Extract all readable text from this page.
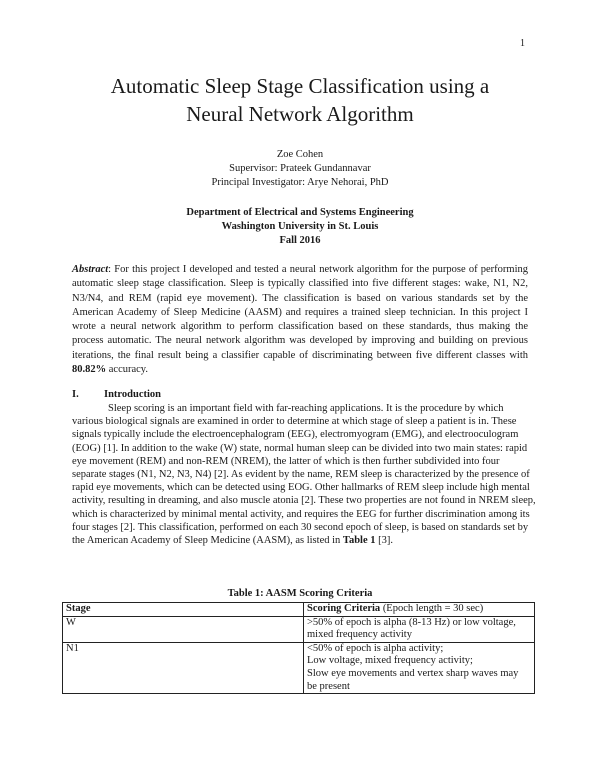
1
Automatic Sleep Stage Classification using a
Neural Network Algorithm
Zoe Cohen
Supervisor: Prateek Gundannavar
Principal Investigator: Arye Nehorai, PhD
Department of Electrical and Systems Engineering
Washington University in St. Louis
Fall 2016

Abstract: For this project I developed and tested a neural network algorithm for the purpose of performing automatic sleep stage classification. Sleep is typically classified into five different stages: wake, N1, N2, N3/N4, and REM (rapid eye movement). The classification is based on various standards set by the American Academy of Sleep Medicine (AASM) and requires a trained sleep technician. In this project I wrote a neural network algorithm to perform classification based on these standards, thus making the process automatic. The neural network algorithm was developed by improving and building on previous iterations, the final result being a classifier capable of discriminating between five different classes with 80.82% accuracy.

I. Introduction

Sleep scoring is an important field with far-reaching applications. It is the procedure by which various biological signals are examined in order to determine at which stage of sleep a patient is in. These signals typically include the electroencephalogram (EEG), electromyogram (EMG), and electrooculogram (EOG) [1]. In addition to the wake (W) state, normal human sleep can be divided into two main states: rapid eye movement (REM) and non-REM (NREM), the latter of which is then further subdivided into four separate stages (N1, N2, N3, N4) [2]. As evident by the name, REM sleep is characterized by the presence of rapid eye movements, which can be detected using EOG. Other hallmarks of REM sleep include high mental activity, resulting in dreaming, and also muscle atonia [2]. These two properties are not found in NREM sleep, which is characterized by minimal mental activity, and requires the EEG for further discrimination among its four stages [2]. This classification, performed on each 30 second epoch of sleep, is based on standards set by the American Academy of Sleep Medicine (AASM), as listed in Table 1 [3].

Table 1: AASM Scoring Criteria
Stage	Scoring Criteria (Epoch length = 30 sec)
W	>50% of epoch is alpha (8-13 Hz) or low voltage,
mixed frequency activity

N1	<50% of epoch is alpha activity;
Low voltage, mixed frequency activity;
Slow eye movements and vertex sharp waves may
be present
